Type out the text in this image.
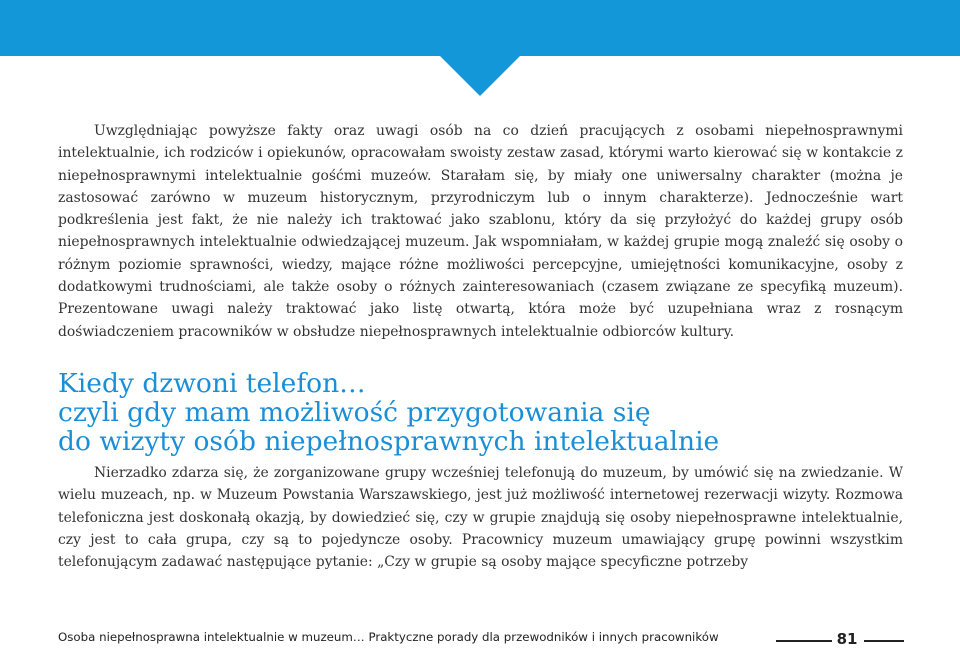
Uwzględniając powyższe fakty oraz uwagi osób na co dzień pracujących z osobami niepełnosprawnymi intelektualnie, ich rodziców i opiekunów, opracowałam swoisty zestaw zasad, którymi warto kierować się w kontakcie z niepełnosprawnymi intelektualnie gośćmi muzeów. Starałam się, by miały one uniwersalny charakter (można je zastosować zarówno w muzeum historycznym, przyrodniczym lub o innym charakterze). Jednocześnie wart podkreślenia jest fakt, że nie należy ich traktować jako szablonu, który da się przyłożyć do każdej grupy osób niepełnosprawnych intelektualnie odwiedzającej muzeum. Jak wspomniałam, w każdej grupie mogą znaleźć się osoby o różnym poziomie sprawności, wiedzy, mające różne możliwości percepcyjne, umiejętności komunikacyjne, osoby z dodatkowymi trudnościami, ale także osoby o różnych zainteresowaniach (czasem związane ze specyfiką muzeum). Prezentowane uwagi należy traktować jako listę otwartą, która może być uzupełniana wraz z rosnącym doświadczeniem pracowników w obsłudze niepełnosprawnych intelektualnie odbiorców kultury.

Kiedy dzwoni telefon…
czyli gdy mam możliwość przygotowania się
do wizyty osób niepełnosprawnych intelektualnie

Nierzadko zdarza się, że zorganizowane grupy wcześniej telefonują do muzeum, by umówić się na zwiedzanie. W wielu muzeach, np. w Muzeum Powstania Warszawskiego, jest już możliwość internetowej rezerwacji wizyty. Rozmowa telefoniczna jest doskonałą okazją, by dowiedzieć się, czy w grupie znajdują się osoby niepełnosprawne intelektualnie, czy jest to cała grupa, czy są to pojedyncze osoby. Pracownicy muzeum umawiający grupę powinni wszystkim telefonującym zadawać następujące pytanie: „Czy w grupie są osoby mające specyficzne potrzeby

Osoba niepełnosprawna intelektualnie w muzeum… Praktyczne porady dla przewodników i innych pracowników	81
